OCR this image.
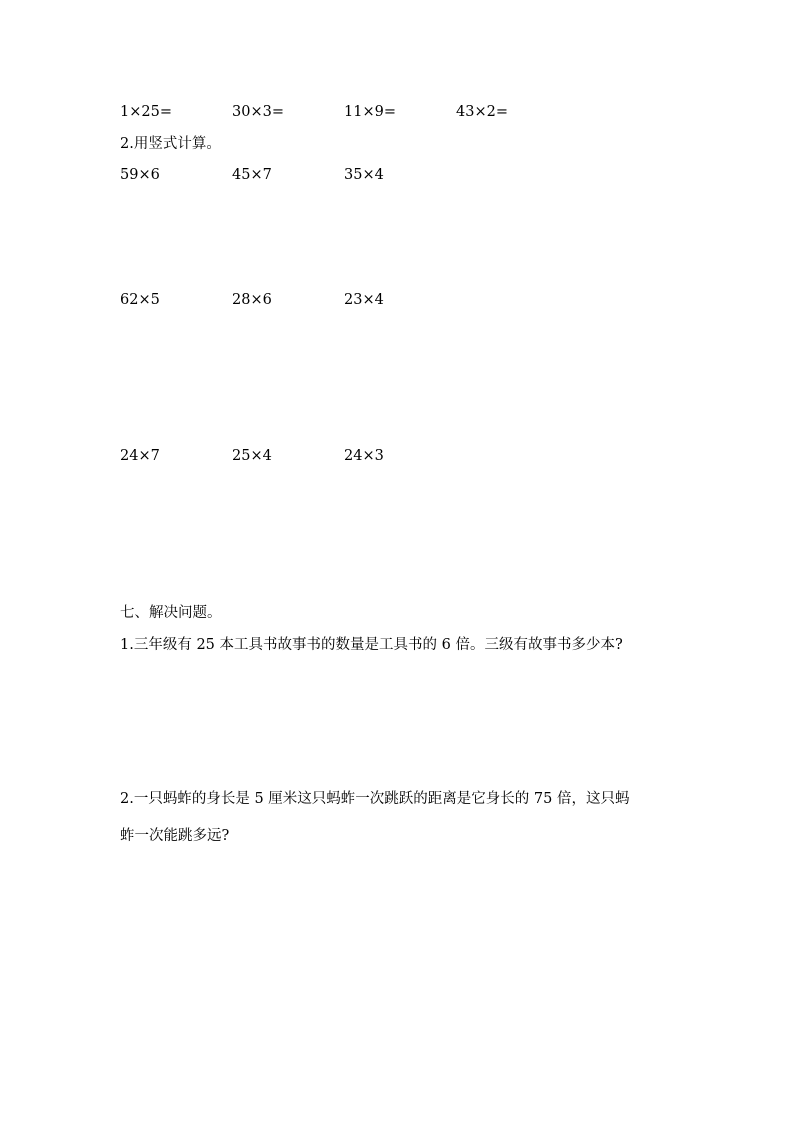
1×25=	30×3=	11×9=	43×2=
2.用竖式计算。
59×6	45×7	35×4
62×5	28×6	23×4
24×7	25×4	24×3
七、解决问题。
1.三年级有 25 本工具书故事书的数量是工具书的 6 倍。三级有故事书多少本?
2.一只蚂蚱的身长是 5 厘米这只蚂蚱一次跳跃的距离是它身长的 75 倍，这只蚂
蚱一次能跳多远?
